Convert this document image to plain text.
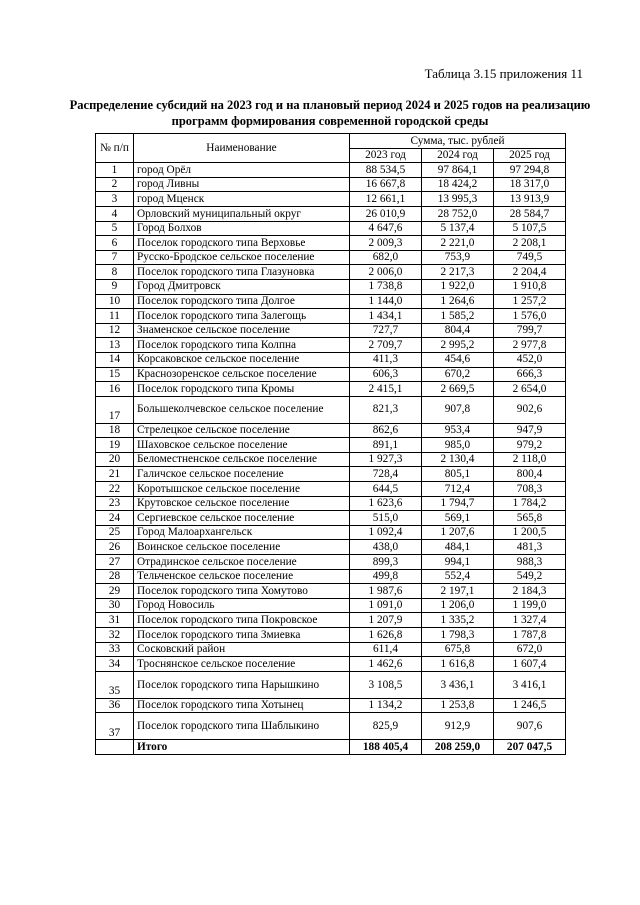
Таблица 3.15 приложения 11
Распределение субсидий на 2023 год и на плановый период 2024 и 2025 годов на реализацию программ формирования современной городской среды
№ п/п	Наименование	Сумма, тыс. рублей		
		2023 год	2024 год	2025 год
1	город Орёл	88 534,5	97 864,1	97 294,8
2	город Ливны	16 667,8	18 424,2	18 317,0
3	город Мценск	12 661,1	13 995,3	13 913,9
4	Орловский муниципальный округ	26 010,9	28 752,0	28 584,7
5	Город Болхов	4 647,6	5 137,4	5 107,5
6	Поселок городского типа Верховье	2 009,3	2 221,0	2 208,1
7	Русско-Бродское сельское поселение	682,0	753,9	749,5
8	Поселок городского типа Глазуновка	2 006,0	2 217,3	2 204,4
9	Город Дмитровск	1 738,8	1 922,0	1 910,8
10	Поселок городского типа Долгое	1 144,0	1 264,6	1 257,2
11	Поселок городского типа Залегощь	1 434,1	1 585,2	1 576,0
12	Знаменское сельское поселение	727,7	804,4	799,7
13	Поселок городского типа Колпна	2 709,7	2 995,2	2 977,8
14	Корсаковское сельское поселение	411,3	454,6	452,0
15	Краснозоренское сельское поселение	606,3	670,2	666,3
16	Поселок городского типа Кромы	2 415,1	2 669,5	2 654,0
17	Большеколчевское сельское поселение	821,3	907,8	902,6
18	Стрелецкое сельское поселение	862,6	953,4	947,9
19	Шаховское сельское поселение	891,1	985,0	979,2
20	Беломестненское сельское поселение	1 927,3	2 130,4	2 118,0
21	Галичское сельское поселение	728,4	805,1	800,4
22	Коротышское сельское поселение	644,5	712,4	708,3
23	Крутовское сельское поселение	1 623,6	1 794,7	1 784,2
24	Сергиевское сельское поселение	515,0	569,1	565,8
25	Город Малоархангельск	1 092,4	1 207,6	1 200,5
26	Воинское сельское поселение	438,0	484,1	481,3
27	Отрадинское сельское поселение	899,3	994,1	988,3
28	Тельченское сельское поселение	499,8	552,4	549,2
29	Поселок городского типа Хомутово	1 987,6	2 197,1	2 184,3
30	Город Новосиль	1 091,0	1 206,0	1 199,0
31	Поселок городского типа Покровское	1 207,9	1 335,2	1 327,4
32	Поселок городского типа Змиевка	1 626,8	1 798,3	1 787,8
33	Сосковский район	611,4	675,8	672,0
34	Троснянское сельское поселение	1 462,6	1 616,8	1 607,4
35	Поселок городского типа Нарышкино	3 108,5	3 436,1	3 416,1
36	Поселок городского типа Хотынец	1 134,2	1 253,8	1 246,5
37	Поселок городского типа Шаблыкино	825,9	912,9	907,6
	Итого	188 405,4	208 259,0	207 047,5
